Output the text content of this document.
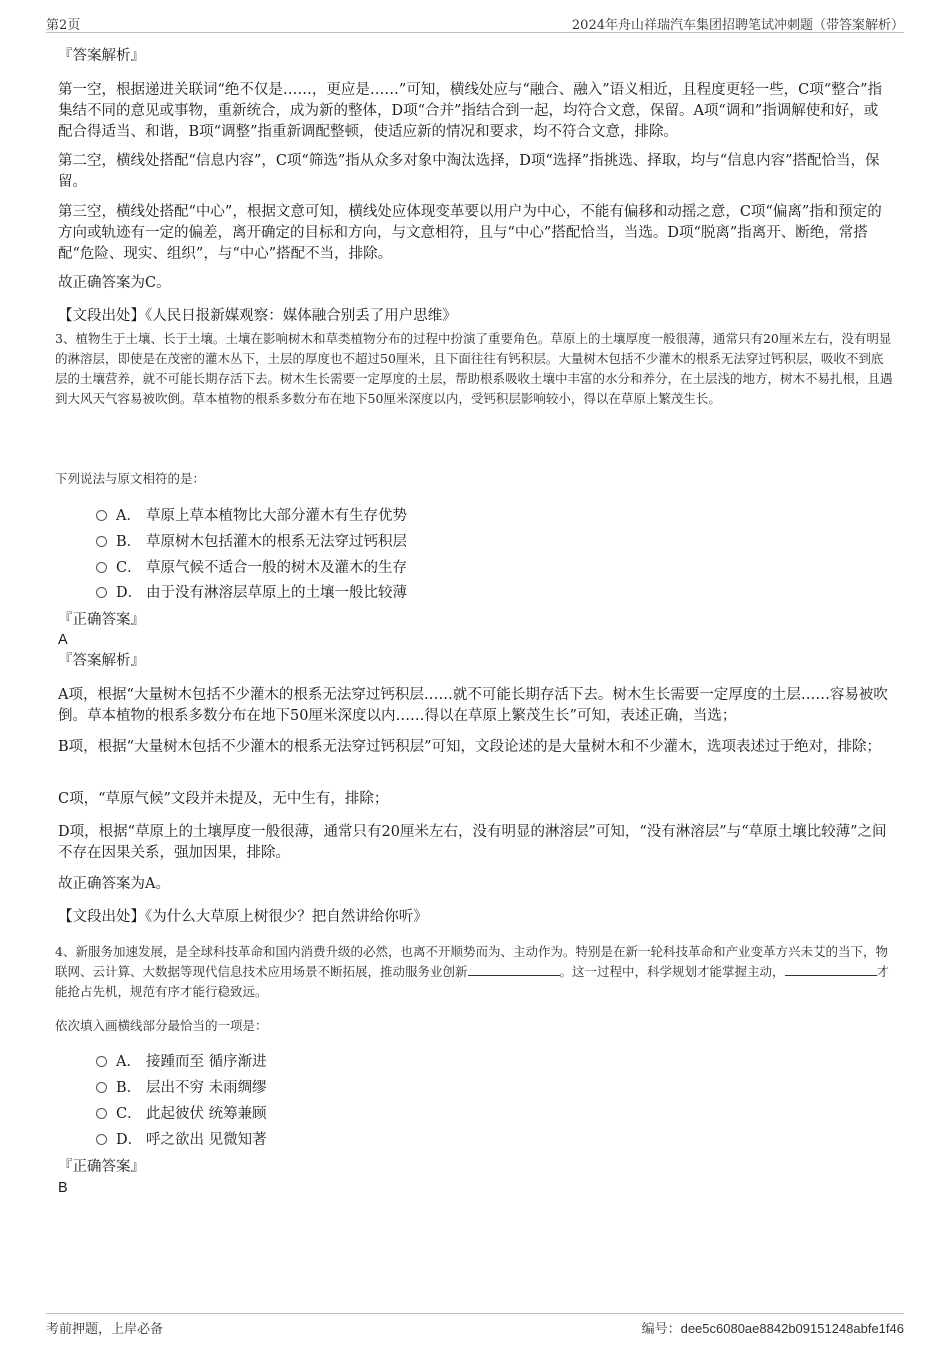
第2页	2024年舟山祥瑞汽车集团招聘笔试冲刺题（带答案解析）
『答案解析』
第一空，根据递进关联词“绝不仅是……，更应是……”可知，横线处应与“融合、融入”语义相近，且程度更轻一些，C项“整合”指集结不同的意见或事物，重新统合，成为新的整体，D项“合并”指结合到一起，均符合文意，保留。A项“调和”指调解使和好，或配合得适当、和谐，B项“调整”指重新调配整顿，使适应新的情况和要求，均不符合文意，排除。
第二空，横线处搭配“信息内容”，C项“筛选”指从众多对象中淘汰选择，D项“选择”指挑选、择取，均与“信息内容”搭配恰当，保留。
第三空，横线处搭配“中心”，根据文意可知，横线处应体现变革要以用户为中心，不能有偏移和动摇之意，C项“偏离”指和预定的方向或轨迹有一定的偏差，离开确定的目标和方向，与文意相符，且与“中心”搭配恰当，当选。D项“脱离”指离开、断绝，常搭配“危险、现实、组织”，与“中心”搭配不当，排除。
故正确答案为C。
【文段出处】《人民日报新媒观察：媒体融合别丢了用户思维》
3、植物生于土壤、长于土壤。土壤在影响树木和草类植物分布的过程中扮演了重要角色。草原上的土壤厚度一般很薄，通常只有20厘米左右，没有明显的淋溶层，即使是在茂密的灌木丛下，土层的厚度也不超过50厘米，且下面往往有钙积层。大量树木包括不少灌木的根系无法穿过钙积层，吸收不到底层的土壤营养，就不可能长期存活下去。树木生长需要一定厚度的土层，帮助根系吸收土壤中丰富的水分和养分，在土层浅的地方，树木不易扎根，且遇到大风天气容易被吹倒。草本植物的根系多数分布在地下50厘米深度以内，受钙积层影响较小，得以在草原上繁茂生长。
下列说法与原文相符的是：
A． 草原上草本植物比大部分灌木有生存优势
B． 草原树木包括灌木的根系无法穿过钙积层
C． 草原气候不适合一般的树木及灌木的生存
D． 由于没有淋溶层草原上的土壤一般比较薄
『正确答案』
A
『答案解析』
A项，根据“大量树木包括不少灌木的根系无法穿过钙积层……就不可能长期存活下去。树木生长需要一定厚度的土层……容易被吹倒。草本植物的根系多数分布在地下50厘米深度以内……得以在草原上繁茂生长”可知，表述正确，当选；
B项，根据“大量树木包括不少灌木的根系无法穿过钙积层”可知，文段论述的是大量树木和不少灌木，选项表述过于绝对，排除；
C项，“草原气候”文段并未提及，无中生有，排除；
D项，根据“草原上的土壤厚度一般很薄，通常只有20厘米左右，没有明显的淋溶层”可知，“没有淋溶层”与“草原土壤比较薄”之间不存在因果关系，强加因果，排除。
故正确答案为A。
【文段出处】《为什么大草原上树很少？把自然讲给你听》
4、新服务加速发展，是全球科技革命和国内消费升级的必然，也离不开顺势而为、主动作为。特别是在新一轮科技革命和产业变革方兴未艾的当下，物联网、云计算、大数据等现代信息技术应用场景不断拓展，推动服务业创新	。这一过程中，科学规划才能掌握主动，	才能抢占先机，规范有序才能行稳致远。
依次填入画横线部分最恰当的一项是：
A． 接踵而至 循序渐进
B． 层出不穷 未雨绸缪
C． 此起彼伏 统筹兼顾
D． 呼之欲出 见微知著
『正确答案』
B
考前押题，上岸必备	编号：dee5c6080ae8842b09151248abfe1f46
